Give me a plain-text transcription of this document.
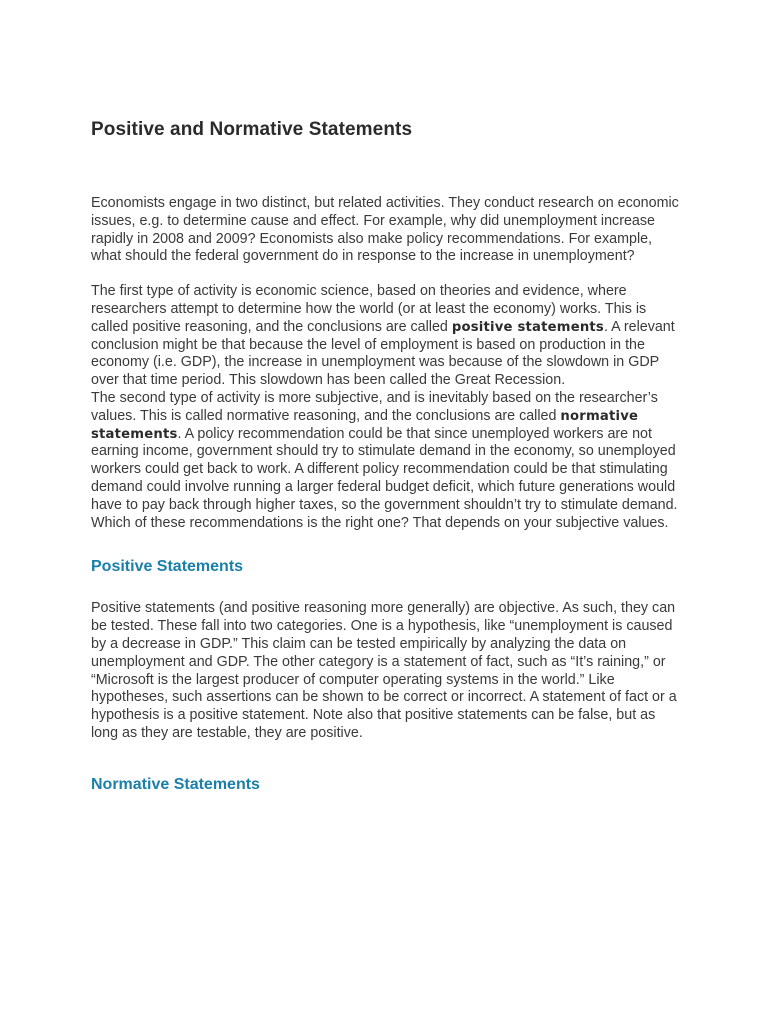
Positive and Normative Statements

Economists engage in two distinct, but related activities. They conduct research on economic issues, e.g. to determine cause and effect. For example, why did unemployment increase rapidly in 2008 and 2009? Economists also make policy recommendations. For example, what should the federal government do in response to the increase in unemployment?

The first type of activity is economic science, based on theories and evidence, where researchers attempt to determine how the world (or at least the economy) works. This is called positive reasoning, and the conclusions are called positive statements. A relevant conclusion might be that because the level of employment is based on production in the economy (i.e. GDP), the increase in unemployment was because of the slowdown in GDP over that time period. This slowdown has been called the Great Recession.

The second type of activity is more subjective, and is inevitably based on the researcher’s values. This is called normative reasoning, and the conclusions are called normative statements. A policy recommendation could be that since unemployed workers are not earning income, government should try to stimulate demand in the economy, so unemployed workers could get back to work. A different policy recommendation could be that stimulating demand could involve running a larger federal budget deficit, which future generations would have to pay back through higher taxes, so the government shouldn’t try to stimulate demand. Which of these recommendations is the right one? That depends on your subjective values.

Positive Statements

Positive statements (and positive reasoning more generally) are objective. As such, they can be tested. These fall into two categories. One is a hypothesis, like “unemployment is caused by a decrease in GDP.” This claim can be tested empirically by analyzing the data on unemployment and GDP. The other category is a statement of fact, such as “It’s raining,” or “Microsoft is the largest producer of computer operating systems in the world.” Like hypotheses, such assertions can be shown to be correct or incorrect. A statement of fact or a hypothesis is a positive statement. Note also that positive statements can be false, but as long as they are testable, they are positive.

Normative Statements
